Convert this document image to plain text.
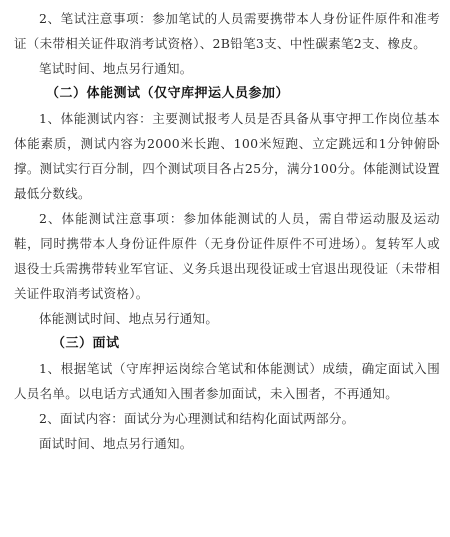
2、笔试注意事项：参加笔试的人员需要携带本人身份证件原件和准考证（未带相关证件取消考试资格）、2B铅笔3支、中性碳素笔2支、橡皮。

笔试时间、地点另行通知。

（二）体能测试（仅守库押运人员参加）

1、体能测试内容：主要测试报考人员是否具备从事守押工作岗位基本体能素质，测试内容为2000米长跑、100米短跑、立定跳远和1分钟俯卧撑。测试实行百分制，四个测试项目各占25分，满分100分。体能测试设置最低分数线。

2、体能测试注意事项：参加体能测试的人员，需自带运动服及运动鞋，同时携带本人身份证件原件（无身份证件原件不可进场）。复转军人或退役士兵需携带转业军官证、义务兵退出现役证或士官退出现役证（未带相关证件取消考试资格）。

体能测试时间、地点另行通知。

（三）面试

1、根据笔试（守库押运岗综合笔试和体能测试）成绩，确定面试入围人员名单。以电话方式通知入围者参加面试，未入围者，不再通知。

2、面试内容：面试分为心理测试和结构化面试两部分。

面试时间、地点另行通知。
